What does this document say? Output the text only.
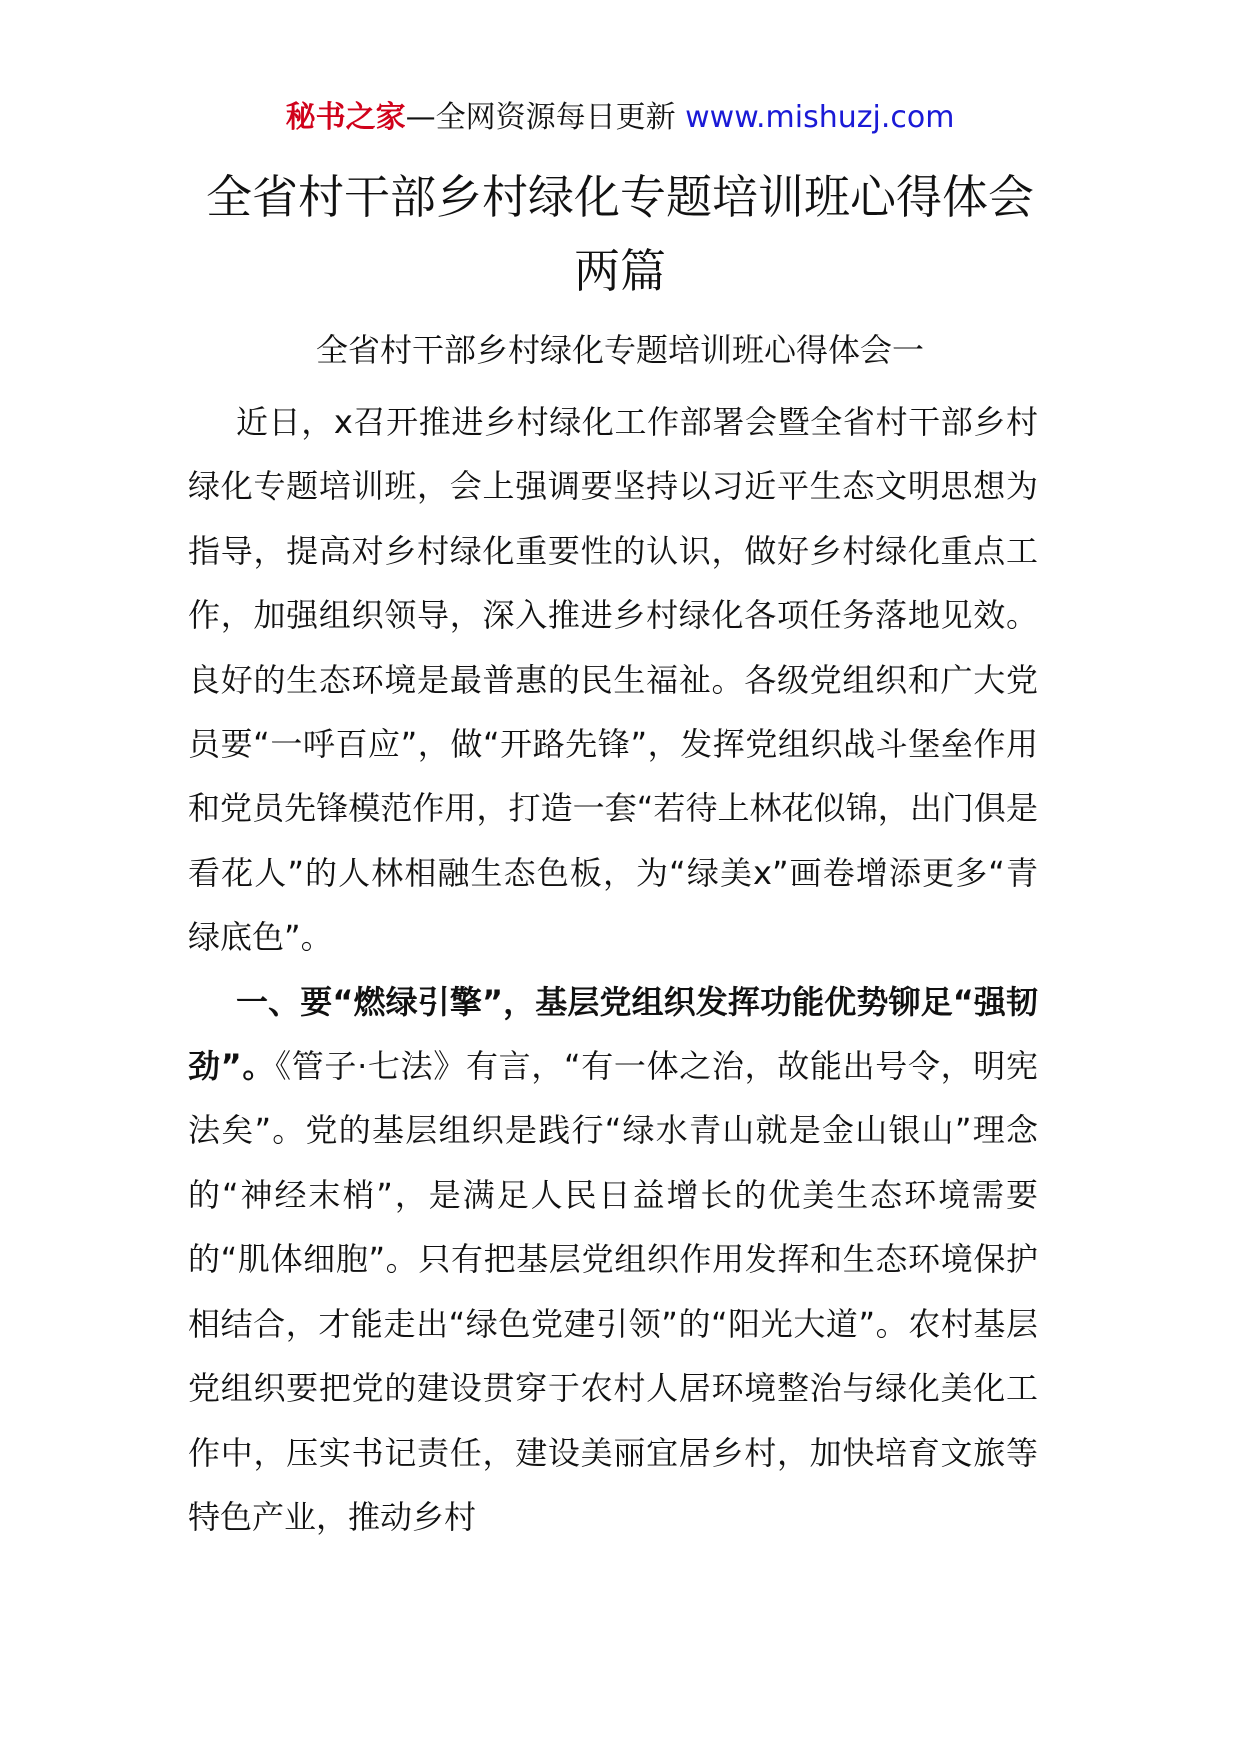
秘书之家—全网资源每日更新 www.mishuzj.com
全省村干部乡村绿化专题培训班心得体会
两篇

全省村干部乡村绿化专题培训班心得体会一

近日，x召开推进乡村绿化工作部署会暨全省村干部乡村绿化专题培训班，会上强调要坚持以习近平生态文明思想为指导，提高对乡村绿化重要性的认识，做好乡村绿化重点工作，加强组织领导，深入推进乡村绿化各项任务落地见效。良好的生态环境是最普惠的民生福祉。各级党组织和广大党员要“一呼百应”，做“开路先锋”，发挥党组织战斗堡垒作用和党员先锋模范作用，打造一套“若待上林花似锦，出门俱是看花人”的人林相融生态色板，为“绿美x”画卷增添更多“青绿底色”。

一、要“燃绿引擎”，基层党组织发挥功能优势铆足“强韧劲”。《管子·七法》有言，“有一体之治，故能出号令，明宪法矣”。党的基层组织是践行“绿水青山就是金山银山”理念的“神经末梢”，是满足人民日益增长的优美生态环境需要的“肌体细胞”。只有把基层党组织作用发挥和生态环境保护相结合，才能走出“绿色党建引领”的“阳光大道”。农村基层党组织要把党的建设贯穿于农村人居环境整治与绿化美化工作中，压实书记责任，建设美丽宜居乡村，加快培育文旅等特色产业，推动乡村
